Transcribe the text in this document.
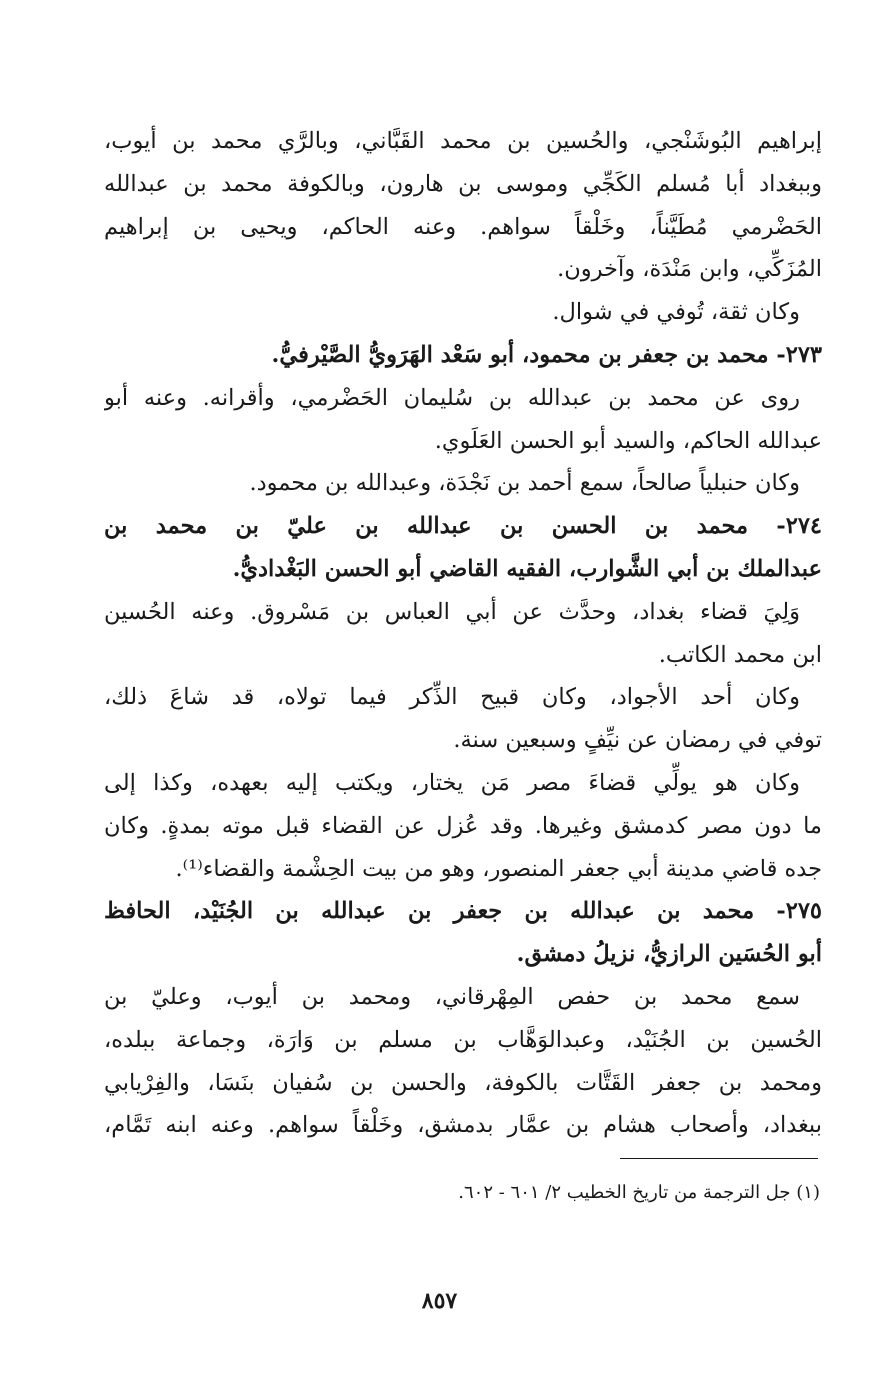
إبراهيم البُوشَنْجي، والحُسين بن محمد القَبَّاني، وبالرَّي محمد بن أيوب،
وببغداد أبا مُسلم الكَجِّي وموسى بن هارون، وبالكوفة محمد بن عبدالله
الحَضْرمي مُطَيَّناً، وخَلْقاً سواهم. وعنه الحاكم، ويحيى بن إبراهيم
المُزَكِّي، وابن مَنْدَة، وآخرون.
وكان ثقة، تُوفي في شوال.
٢٧٣- محمد بن جعفر بن محمود، أبو سَعْد الهَرَويُّ الصَّيْرفيُّ.
روى عن محمد بن عبدالله بن سُليمان الحَضْرمي، وأقرانه. وعنه أبو
عبدالله الحاكم، والسيد أبو الحسن العَلَوي.
وكان حنبلياً صالحاً، سمع أحمد بن نَجْدَة، وعبدالله بن محمود.
٢٧٤- محمد بن الحسن بن عبدالله بن عليّ بن محمد بن
عبدالملك بن أبي الشَّوارب، الفقيه القاضي أبو الحسن البَغْداديُّ.
وَلِيَ قضاء بغداد، وحدَّث عن أبي العباس بن مَسْروق. وعنه الحُسين
ابن محمد الكاتب.
وكان أحد الأجواد، وكان قبيح الذِّكر فيما تولاه، قد شاعَ ذلك،
توفي في رمضان عن نيِّفٍ وسبعين سنة.
وكان هو يولِّي قضاءَ مصر مَن يختار، ويكتب إليه بعهده، وكذا إلى
ما دون مصر كدمشق وغيرها. وقد عُزل عن القضاء قبل موته بمدةٍ. وكان
جده قاضي مدينة أبي جعفر المنصور، وهو من بيت الحِشْمة والقضاء⁽¹⁾.
٢٧٥- محمد بن عبدالله بن جعفر بن عبدالله بن الجُنَيْد، الحافظ
أبو الحُسَين الرازيُّ، نزيلُ دمشق.
سمع محمد بن حفص المِهْرقاني، ومحمد بن أيوب، وعليّ بن
الحُسين بن الجُنَيْد، وعبدالوَهَّاب بن مسلم بن وَارَة، وجماعة ببلده،
ومحمد بن جعفر القَتَّات بالكوفة، والحسن بن سُفيان بنَسَا، والفِرْيابي
ببغداد، وأصحاب هشام بن عمَّار بدمشق، وخَلْقاً سواهم. وعنه ابنه تَمَّام،
(١) جل الترجمة من تاريخ الخطيب ٢/ ٦٠١ - ٦٠٢.
٨٥٧
